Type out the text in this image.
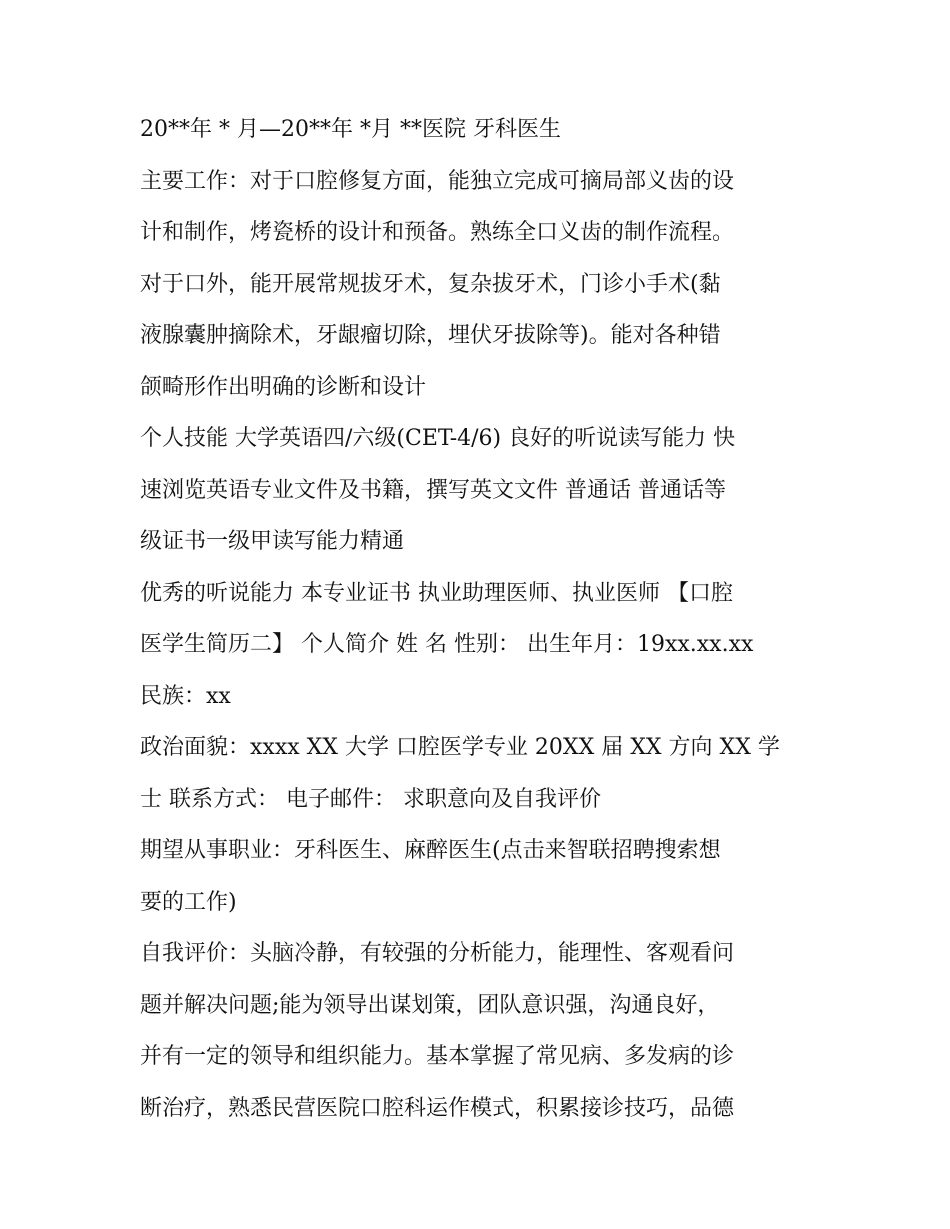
20**年 * 月—20**年 *月 **医院 牙科医生
主要工作：对于口腔修复方面，能独立完成可摘局部义齿的设
计和制作，烤瓷桥的设计和预备。熟练全口义齿的制作流程。
对于口外，能开展常规拔牙术，复杂拔牙术，门诊小手术(黏
液腺囊肿摘除术，牙龈瘤切除，埋伏牙拔除等)。能对各种错
颌畸形作出明确的诊断和设计
个人技能 大学英语四/六级(CET-4/6) 良好的听说读写能力 快
速浏览英语专业文件及书籍，撰写英文文件 普通话 普通话等
级证书一级甲读写能力精通
优秀的听说能力 本专业证书 执业助理医师、执业医师 【口腔
医学生简历二】 个人简介 姓 名 性别： 出生年月：19xx.xx.xx
民族：xx
政治面貌：xxxx XX 大学 口腔医学专业 20XX 届 XX 方向 XX 学
士 联系方式： 电子邮件： 求职意向及自我评价
期望从事职业：牙科医生、麻醉医生(点击来智联招聘搜索想
要的工作)
自我评价：头脑冷静，有较强的分析能力，能理性、客观看问
题并解决问题;能为领导出谋划策，团队意识强，沟通良好，
并有一定的领导和组织能力。基本掌握了常见病、多发病的诊
断治疗，熟悉民营医院口腔科运作模式，积累接诊技巧，品德
